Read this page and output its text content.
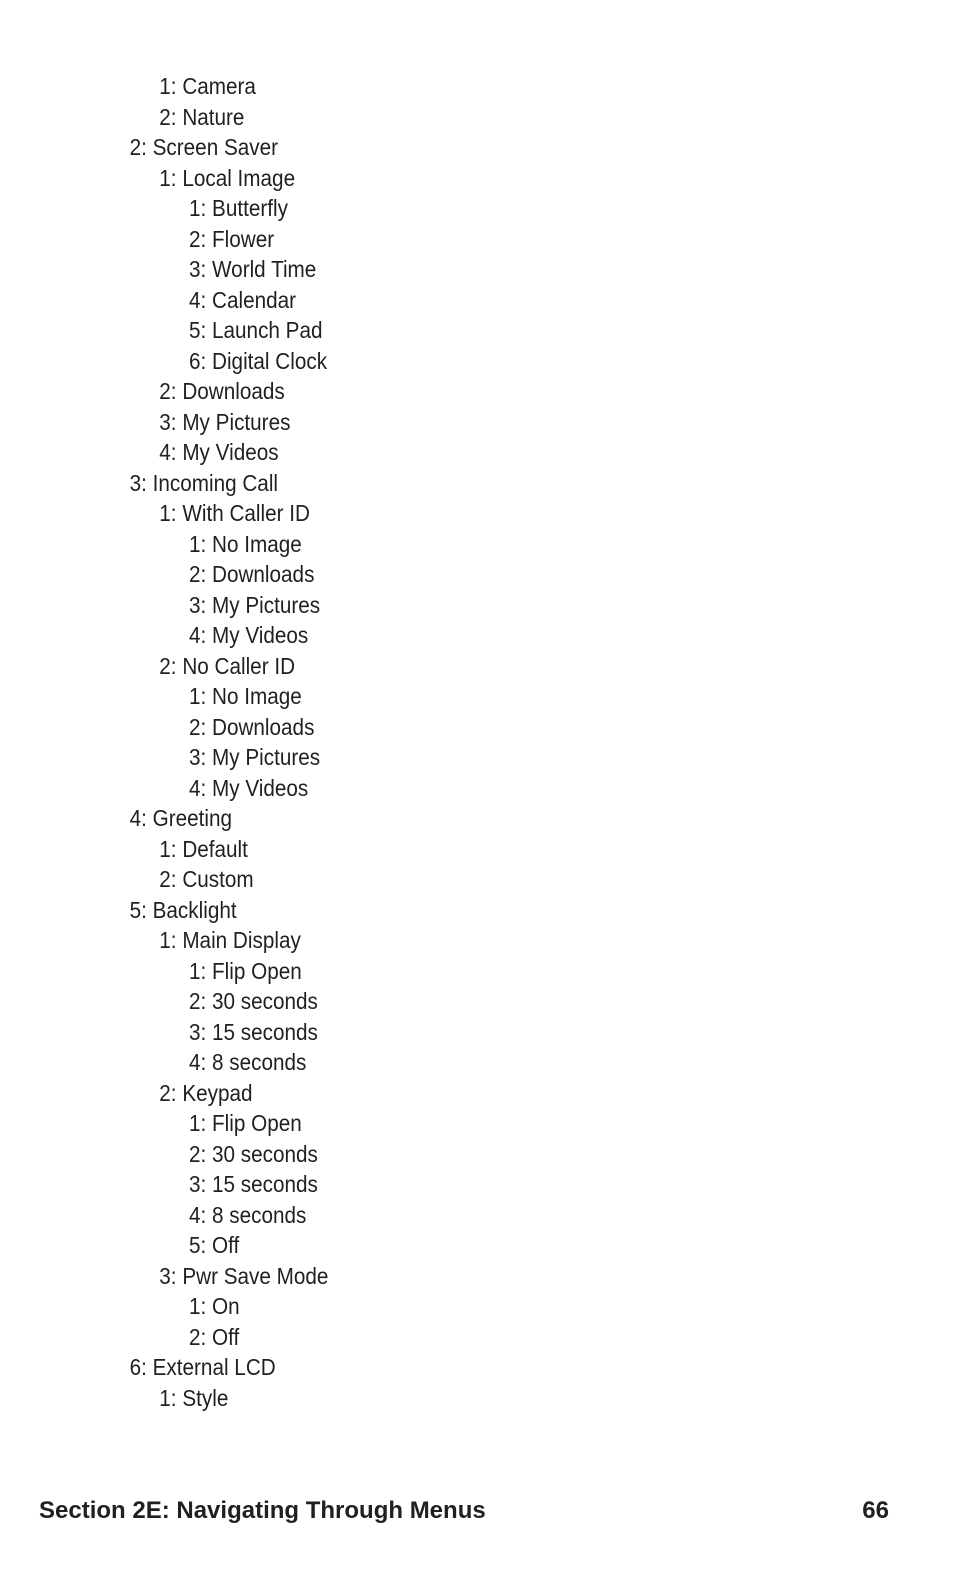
1: Camera
2: Nature
2: Screen Saver
1: Local Image
1: Butterfly
2: Flower
3: World Time
4: Calendar
5: Launch Pad
6: Digital Clock
2: Downloads
3: My Pictures
4: My Videos
3: Incoming Call
1: With Caller ID
1: No Image
2: Downloads
3: My Pictures
4: My Videos
2: No Caller ID
1: No Image
2: Downloads
3: My Pictures
4: My Videos
4: Greeting
1: Default
2: Custom
5: Backlight
1: Main Display
1: Flip Open
2: 30 seconds
3: 15 seconds
4: 8 seconds
2: Keypad
1: Flip Open
2: 30 seconds
3: 15 seconds
4: 8 seconds
5: Off
3: Pwr Save Mode
1: On
2: Off
6: External LCD
1: Style
Section 2E: Navigating Through Menus	66
